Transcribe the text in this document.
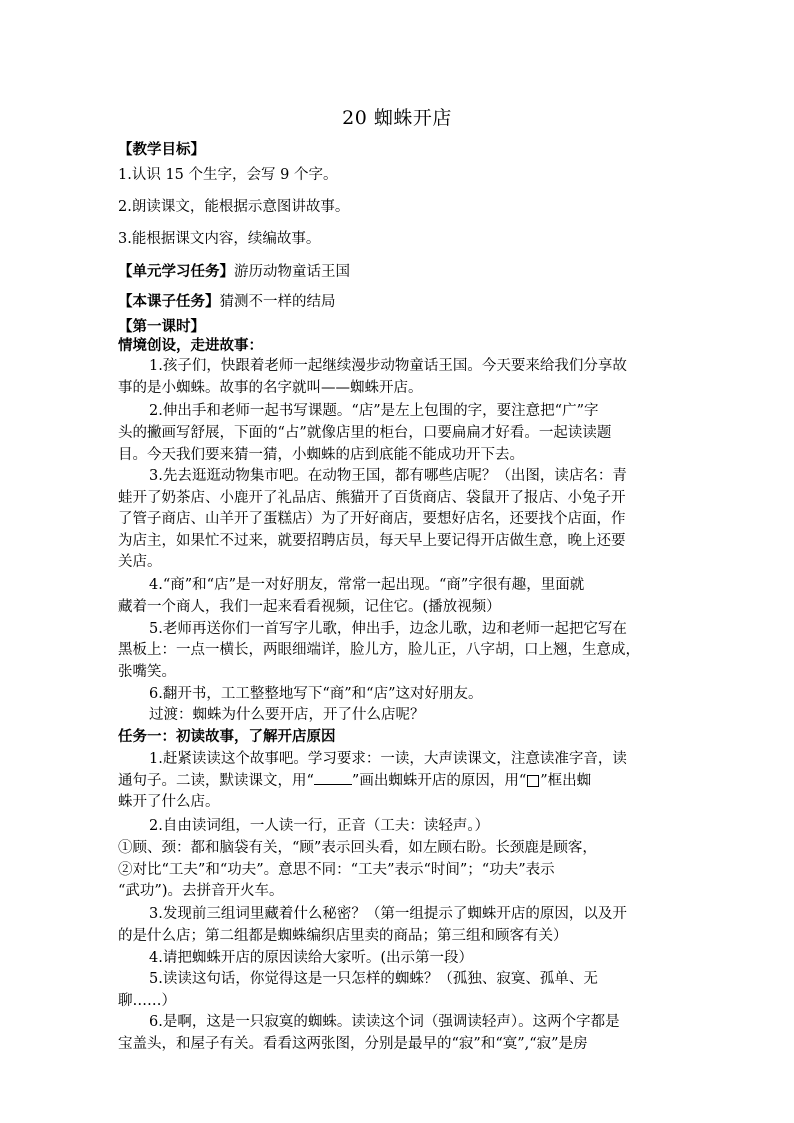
20 蜘蛛开店
【教学目标】
1.认识 15 个生字，会写 9 个字。
2.朗读课文，能根据示意图讲故事。
3.能根据课文内容，续编故事。
【单元学习任务】游历动物童话王国
【本课子任务】猜测不一样的结局
【第一课时】
情境创设，走进故事：
1.孩子们，快跟着老师一起继续漫步动物童话王国。今天要来给我们分享故
事的是小蜘蛛。故事的名字就叫——蜘蛛开店。
2.伸出手和老师一起书写课题。“店”是左上包围的字，要注意把“广”字
头的撇画写舒展，下面的“占”就像店里的柜台，口要扁扁才好看。一起读读题
目。今天我们要来猜一猜，小蜘蛛的店到底能不能成功开下去。
3.先去逛逛动物集市吧。在动物王国，都有哪些店呢？（出图，读店名：青
蛙开了奶茶店、小鹿开了礼品店、熊猫开了百货商店、袋鼠开了报店、小兔子开
了管子商店、山羊开了蛋糕店）为了开好商店，要想好店名，还要找个店面，作
为店主，如果忙不过来，就要招聘店员，每天早上要记得开店做生意，晚上还要
关店。
4.“商”和“店”是一对好朋友，常常一起出现。“商”字很有趣，里面就
藏着一个商人，我们一起来看看视频，记住它。(播放视频）
5.老师再送你们一首写字儿歌，伸出手，边念儿歌，边和老师一起把它写在
黑板上：一点一横长，两眼细端详，脸儿方，脸儿正，八字胡，口上翘，生意成，
张嘴笑。
6.翻开书，工工整整地写下“商”和“店”这对好朋友。
过渡：蜘蛛为什么要开店，开了什么店呢？
任务一：初读故事，了解开店原因
1.赶紧读读这个故事吧。学习要求：一读，大声读课文，注意读准字音，读
通句子。二读，默读课文，用“	”画出蜘蛛开店的原因，用“ ”框出蜘
蛛开了什么店。
2.自由读词组，一人读一行，正音（工夫：读轻声。）
①顾、颈：都和脑袋有关，“顾”表示回头看，如左顾右盼。长颈鹿是顾客，
②对比“工夫”和“功夫”。意思不同：“工夫”表示“时间”；“功夫”表示
“武功”)。去拼音开火车。
3.发现前三组词里藏着什么秘密？（第一组提示了蜘蛛开店的原因，以及开
的是什么店；第二组都是蜘蛛编织店里卖的商品；第三组和顾客有关）
4.请把蜘蛛开店的原因读给大家听。(出示第一段）
5.读读这句话，你觉得这是一只怎样的蜘蛛？（孤独、寂寞、孤单、无
聊……）
6.是啊，这是一只寂寞的蜘蛛。读读这个词（强调读轻声）。这两个字都是
宝盖头，和屋子有关。看看这两张图，分别是最早的“寂”和“寞”,“寂”是房
